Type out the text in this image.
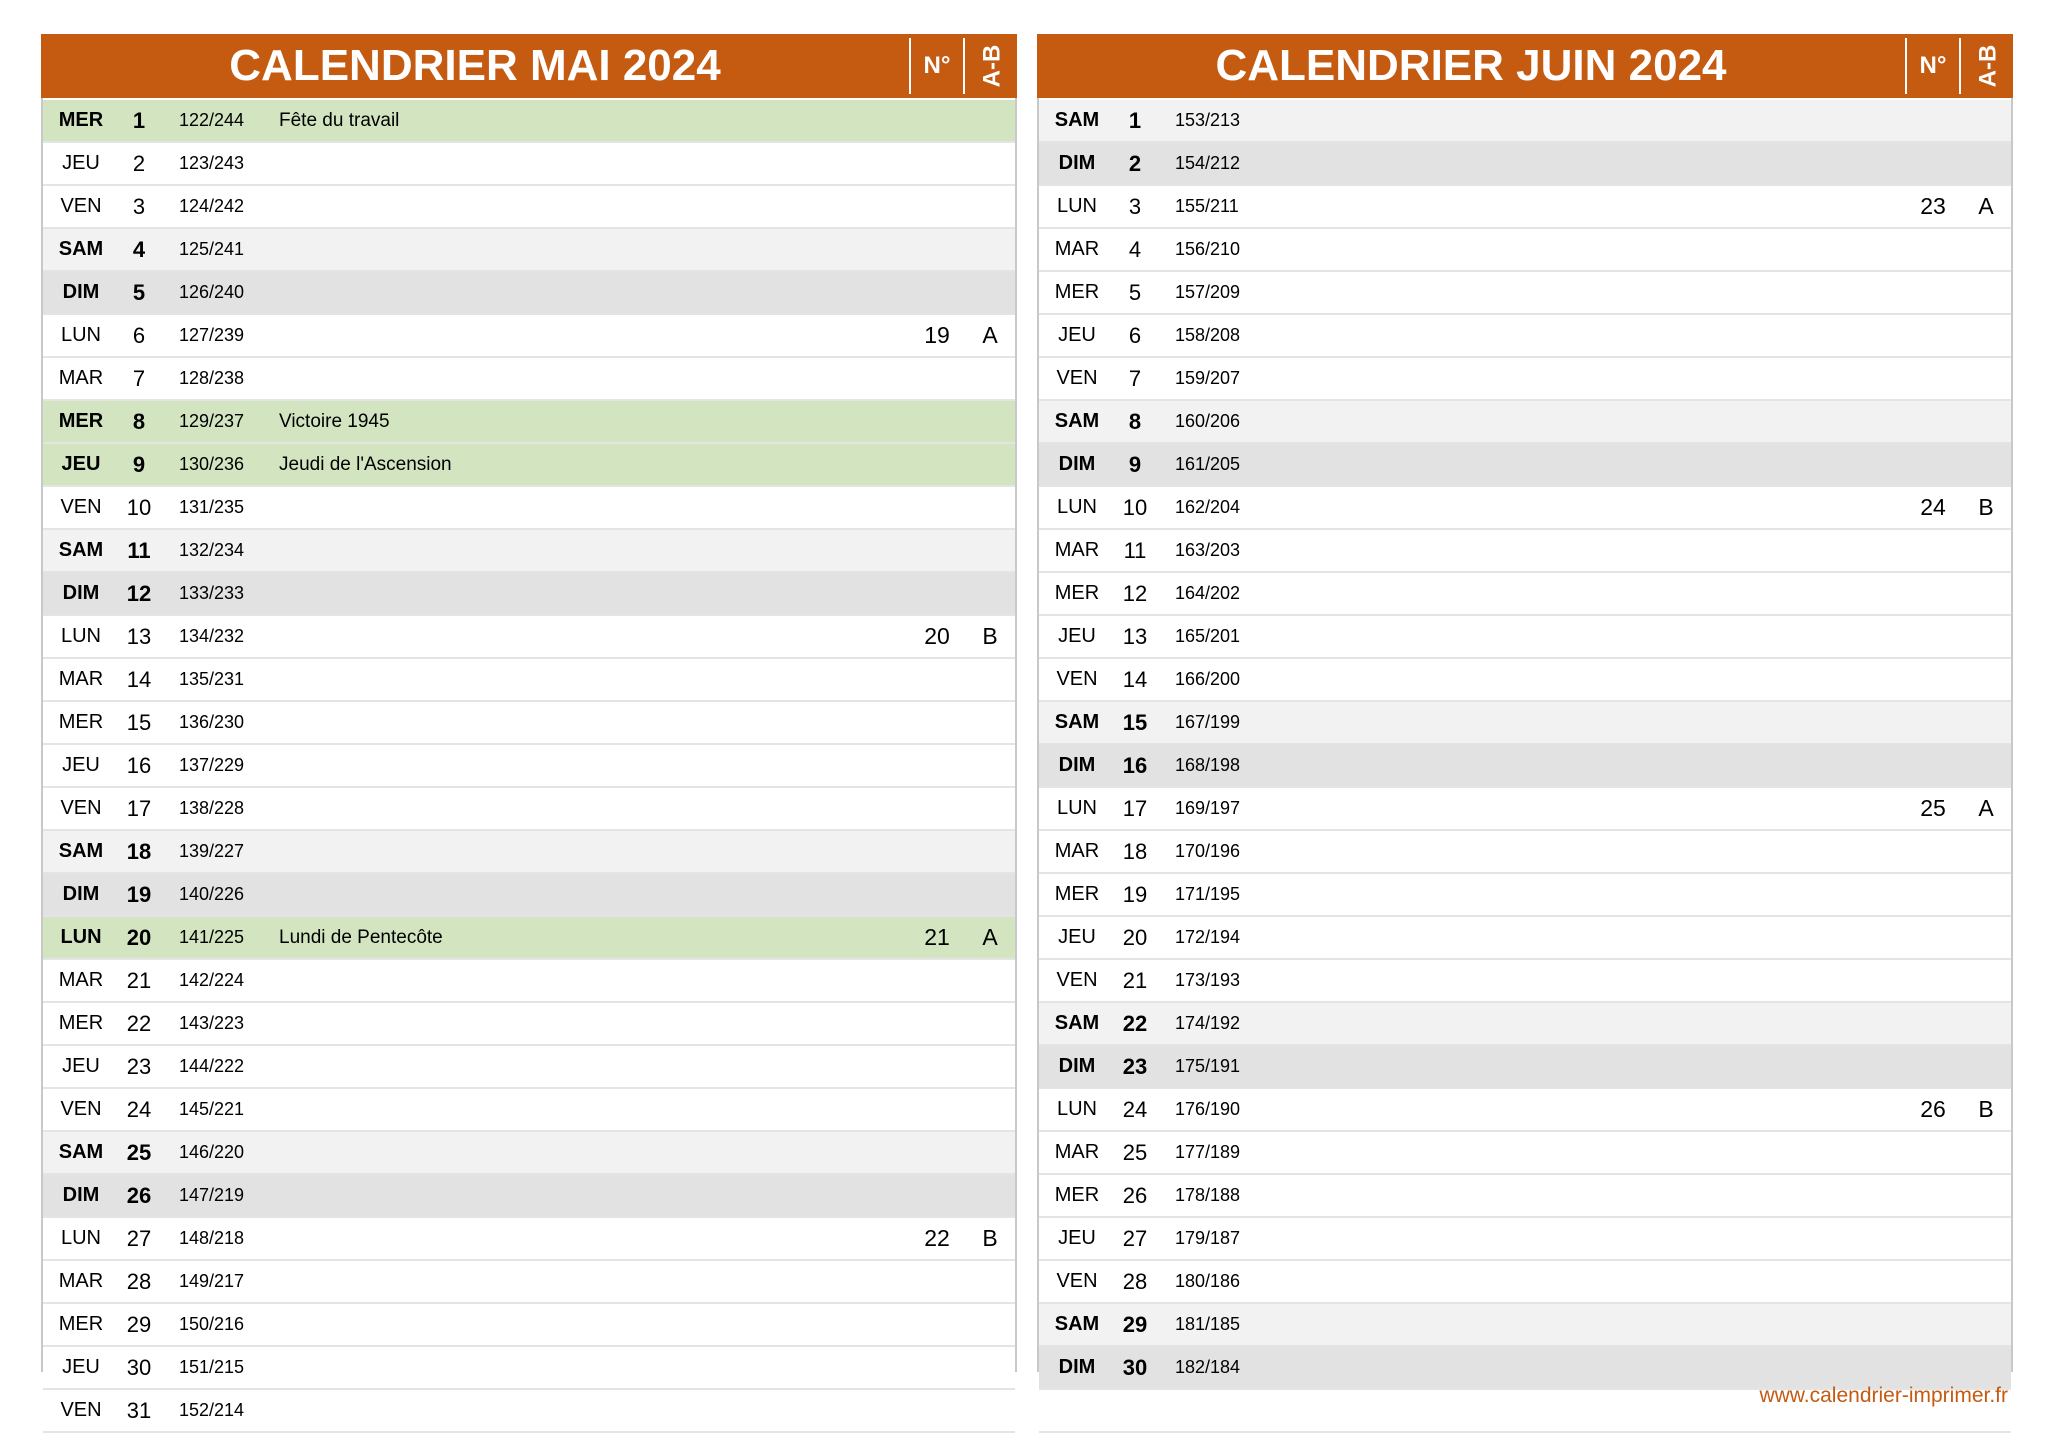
CALENDRIER MAI 2024	N° A-B
MER	1	122/244 Fête du travail
JEU	2	123/243
VEN	3	124/242
SAM	4	125/241
DIM	5	126/240
LUN	6	127/239	19	A
MAR	7	128/238
MER	8	129/237 Victoire 1945
JEU	9	130/236 Jeudi de l'Ascension
VEN	10	131/235
SAM	11	132/234
DIM	12	133/233
LUN	13	134/232	20	B
MAR	14	135/231
MER	15	136/230
JEU	16	137/229
VEN	17	138/228
SAM	18	139/227
DIM	19	140/226
LUN	20	141/225 Lundi de Pentecôte	21	A
MAR	21	142/224
MER	22	143/223
JEU	23	144/222
VEN	24	145/221
SAM	25	146/220
DIM	26	147/219
LUN	27	148/218	22	B
MAR	28	149/217
MER	29	150/216
JEU	30	151/215
VEN	31	152/214
CALENDRIER JUIN 2024	N° A-B
SAM	1	153/213
DIM	2	154/212
LUN	3	155/211	23	A
MAR	4	156/210
MER	5	157/209
JEU	6	158/208
VEN	7	159/207
SAM	8	160/206
DIM	9	161/205
LUN	10	162/204	24	B
MAR	11	163/203
MER	12	164/202
JEU	13	165/201
VEN	14	166/200
SAM	15	167/199
DIM	16	168/198
LUN	17	169/197	25	A
MAR	18	170/196
MER	19	171/195
JEU	20	172/194
VEN	21	173/193
SAM	22	174/192
DIM	23	175/191
LUN	24	176/190	26	B
MAR	25	177/189
MER	26	178/188
JEU	27	179/187
VEN	28	180/186
SAM	29	181/185
DIM	30	182/184
www.calendrier-imprimer.fr
